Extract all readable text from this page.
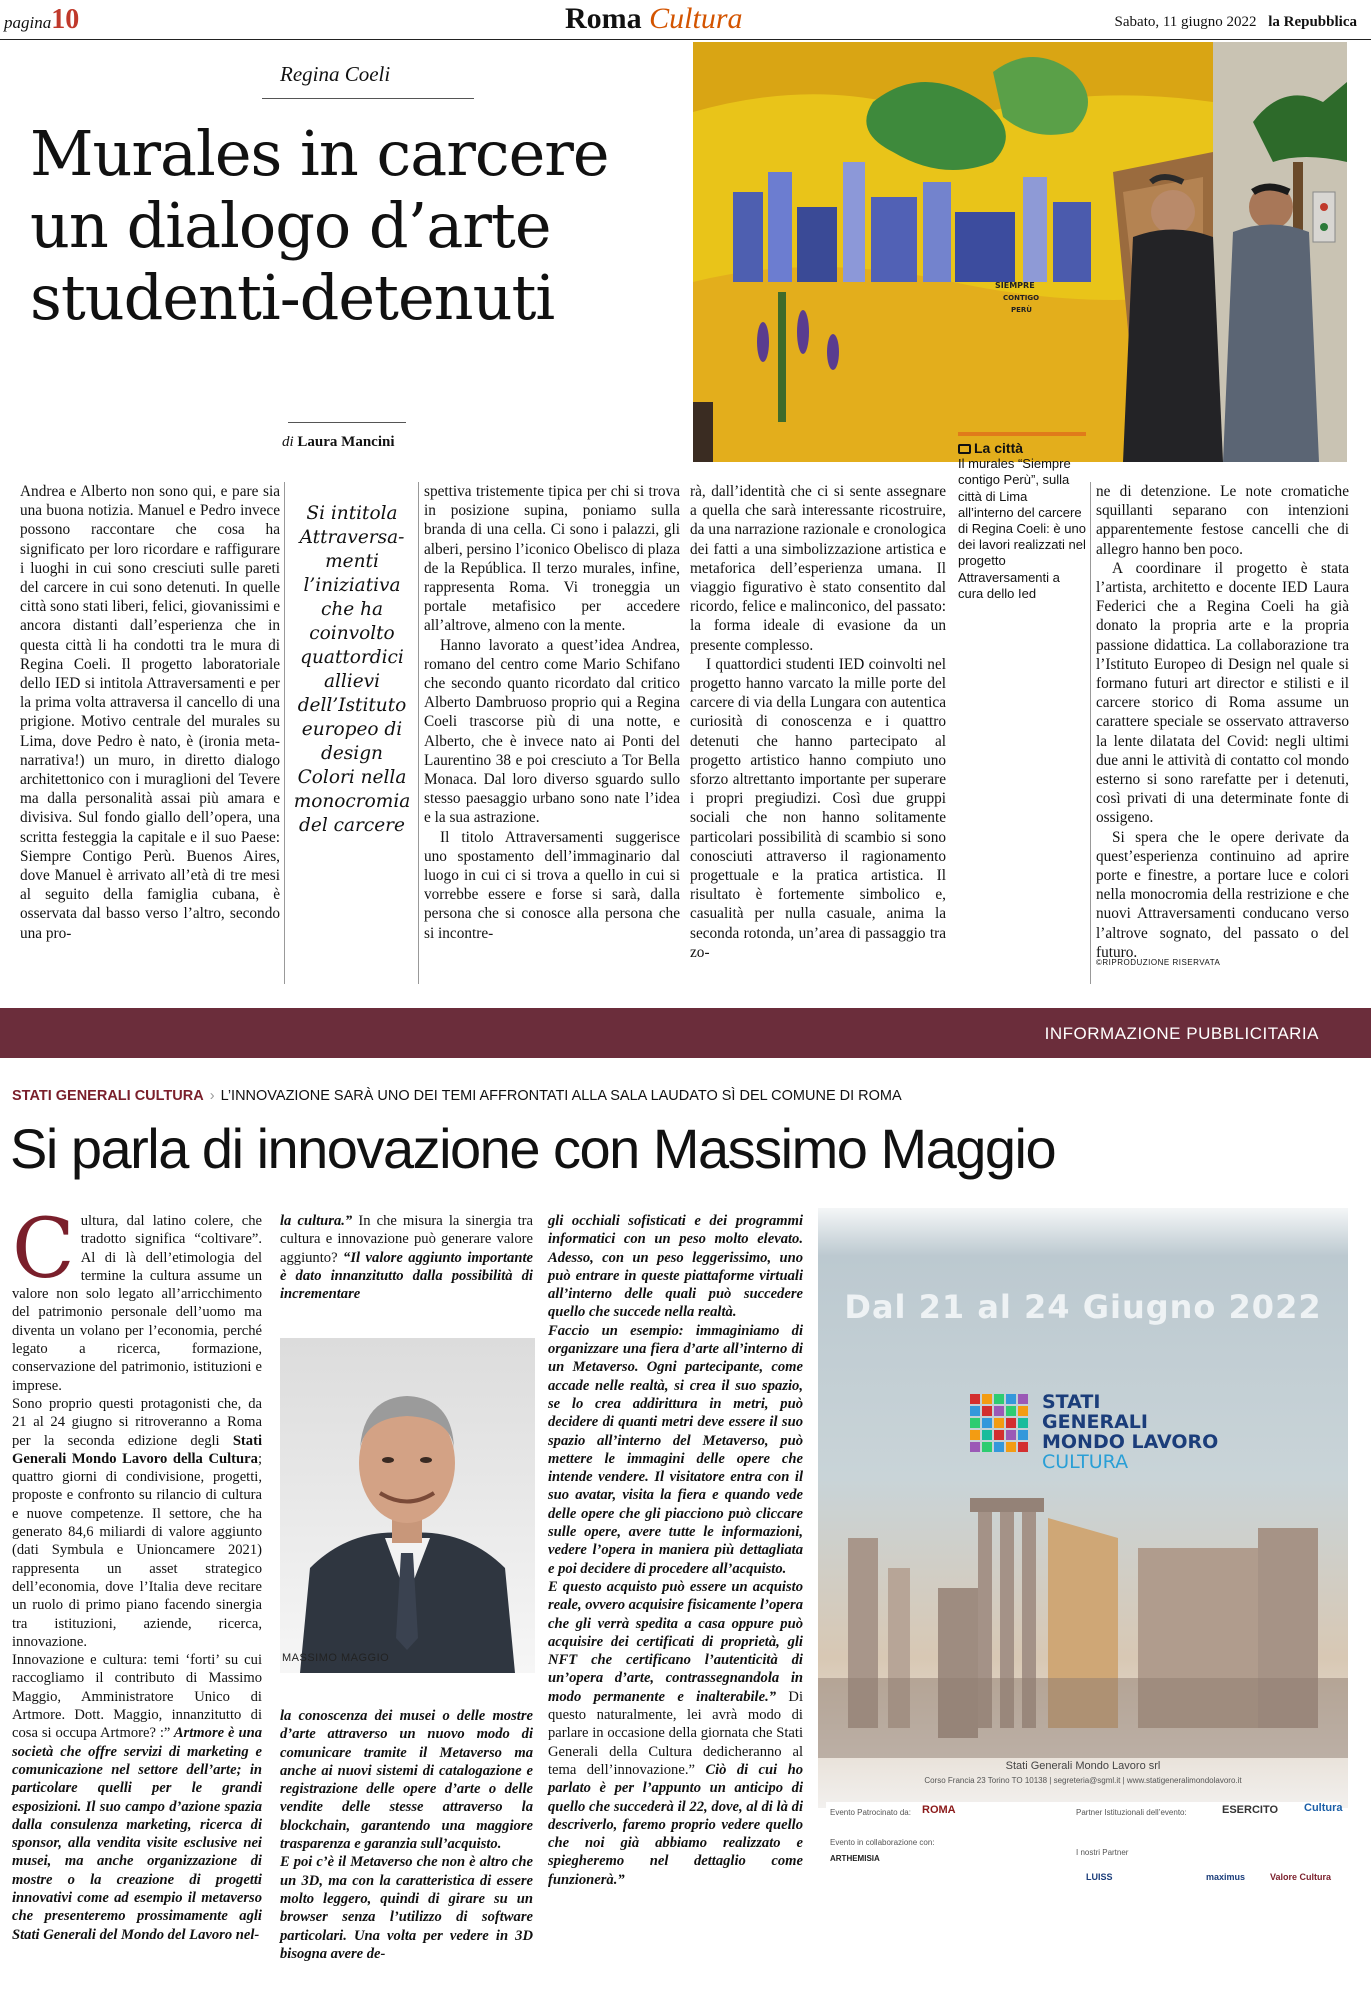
pagina10	Roma Cultura	Sabato, 11 giugno 2022 la Repubblica
Regina Coeli
Murales in carcere
un dialogo d’arte
studenti-detenuti
di Laura Mancini
SIEMPRE
CONTIGO
PERÙ

Andrea e Alberto non sono qui, e pare sia una buona notizia. Manuel e Pedro invece possono raccontare che cosa ha significato per loro ricordare e raffigurare i luoghi in cui sono cresciuti sulle pareti del carcere in cui sono detenuti. In quelle città sono stati liberi, felici, giovanissimi e ancora distanti dall’esperienza che in questa città li ha condotti tra le mura di Regina Coeli. Il progetto laboratoriale dello IED si intitola Attraversamenti e per la prima volta attraversa il cancello di una prigione. Motivo centrale del murales su Lima, dove Pedro è nato, è (ironia meta-narrativa!) un muro, in diretto dialogo architettonico con i muraglioni del Tevere ma dalla personalità assai più amara e divisiva. Sul fondo giallo dell’opera, una scritta festeggia la capitale e il suo Paese: Siempre Contigo Perù. Buenos Aires, dove Manuel è arrivato all’età di tre mesi al seguito della famiglia cubana, è osservata dal basso verso l’altro, secondo una pro-

Si intitola Attraversa-menti l’iniziativa che ha coinvolto quattordici allievi dell’Istituto europeo di design Colori nella monocromia del carcere

spettiva tristemente tipica per chi si trova in posizione supina, poniamo sulla branda di una cella. Ci sono i palazzi, gli alberi, persino l’iconico Obelisco di plaza de la República. Il terzo murales, infine, rappresenta Roma. Vi troneggia un portale metafisico per accedere all’altrove, almeno con la mente.

Hanno lavorato a quest’idea Andrea, romano del centro come Mario Schifano che secondo quanto ricordato dal critico Alberto Dambruoso proprio qui a Regina Coeli trascorse più di una notte, e Alberto, che è invece nato ai Ponti del Laurentino 38 e poi cresciuto a Tor Bella Monaca. Dal loro diverso sguardo sullo stesso paesaggio urbano sono nate l’idea e la sua astrazione.

Il titolo Attraversamenti suggerisce uno spostamento dell’immaginario dal luogo in cui ci si trova a quello in cui si vorrebbe essere e forse si sarà, dalla persona che si conosce alla persona che si incontre-

rà, dall’identità che ci si sente assegnare a quella che sarà interessante ricostruire, da una narrazione razionale e cronologica dei fatti a una simbolizzazione artistica e metaforica dell’esperienza umana. Il viaggio figurativo è stato consentito dal ricordo, felice e malinconico, del passato: la forma ideale di evasione da un presente complesso.

I quattordici studenti IED coinvolti nel progetto hanno varcato la mille porte del carcere di via della Lungara con autentica curiosità di conoscenza e i quattro detenuti che hanno partecipato al progetto artistico hanno compiuto uno sforzo altrettanto importante per superare i propri pregiudizi. Così due gruppi sociali che non hanno solitamente particolari possibilità di scambio si sono conosciuti attraverso il ragionamento progettuale e la pratica artistica. Il risultato è fortemente simbolico e, casualità per nulla casuale, anima la seconda rotonda, un’area di passaggio tra zo-

La città
Il murales “Siempre contigo Perù”, sulla città di Lima all’interno del carcere di Regina Coeli: è uno dei lavori realizzati nel progetto Attraversamenti a cura dello Ied

ne di detenzione. Le note cromatiche squillanti separano con intenzioni apparentemente festose cancelli che di allegro hanno ben poco.

A coordinare il progetto è stata l’artista, architetto e docente IED Laura Federici che a Regina Coeli ha già donato la propria arte e la propria passione didattica. La collaborazione tra l’Istituto Europeo di Design nel quale si formano futuri art director e stilisti e il carcere storico di Roma assume un carattere speciale se osservato attraverso la lente dilatata del Covid: negli ultimi due anni le attività di contatto col mondo esterno si sono rarefatte per i detenuti, così privati di una determinate fonte di ossigeno.

Si spera che le opere derivate da quest’esperienza continuino ad aprire porte e finestre, a portare luce e colori nella monocromia della restrizione e che nuovi Attraversamenti conducano verso l’altrove sognato, del passato o del futuro.

©RIPRODUZIONE RISERVATA
INFORMAZIONE PUBBLICITARIA
STATI GENERALI CULTURA › L’INNOVAZIONE SARÀ UNO DEI TEMI AFFRONTATI ALLA SALA LAUDATO SÌ DEL COMUNE DI ROMA
Si parla di innovazione con Massimo Maggio

Cultura, dal latino colere, che tradotto significa “coltivare”. Al di là dell’etimologia del termine la cultura assume un valore non solo legato all’arricchimento del patrimonio personale dell’uomo ma diventa un volano per l’economia, perché legato a ricerca, formazione, conservazione del patrimonio, istituzioni e imprese.

Sono proprio questi protagonisti che, da 21 al 24 giugno si ritroveranno a Roma per la seconda edizione degli Stati Generali Mondo Lavoro della Cultura; quattro giorni di condivisione, progetti, proposte e confronto su rilancio di cultura e nuove competenze. Il settore, che ha generato 84,6 miliardi di valore aggiunto (dati Symbula e Unioncamere 2021) rappresenta un asset strategico dell’economia, dove l’Italia deve recitare un ruolo di primo piano facendo sinergia tra istituzioni, aziende, ricerca, innovazione.

Innovazione e cultura: temi ‘forti’ su cui raccogliamo il contributo di Massimo Maggio, Amministratore Unico di Artmore. Dott. Maggio, innanzitutto di cosa si occupa Artmore? :” Artmore è una società che offre servizi di marketing e comunicazione nel settore dell’arte; in particolare quelli per le grandi esposizioni. Il suo campo d’azione spazia dalla consulenza marketing, ricerca di sponsor, alla vendita visite esclusive nei musei, ma anche organizzazione di mostre o la creazione di progetti innovativi come ad esempio il metaverso che presenteremo prossimamente agli Stati Generali del Mondo del Lavoro nel-

la cultura.” In che misura la sinergia tra cultura e innovazione può generare valore aggiunto? “Il valore aggiunto importante è dato innanzitutto dalla possibilità di incrementare

MASSIMO MAGGIO

la conoscenza dei musei o delle mostre d’arte attraverso un nuovo modo di comunicare tramite il Metaverso ma anche ai nuovi sistemi di catalogazione e registrazione delle opere d’arte o delle vendite delle stesse attraverso la blockchain, garantendo una maggiore trasparenza e garanzia sull’acquisto.
E poi c’è il Metaverso che non è altro che un 3D, ma con la caratteristica di essere molto leggero, quindi di girare su un browser senza l’utilizzo di software particolari. Una volta per vedere in 3D bisogna avere de-

gli occhiali sofisticati e dei programmi informatici con un peso molto elevato. Adesso, con un peso leggerissimo, uno può entrare in queste piattaforme virtuali all’interno delle quali può succedere quello che succede nella realtà.
Faccio un esempio: immaginiamo di organizzare una fiera d’arte all’interno di un Metaverso. Ogni partecipante, come accade nelle realtà, si crea il suo spazio, se lo crea addirittura in metri, può decidere di quanti metri deve essere il suo spazio all’interno del Metaverso, può mettere le immagini delle opere che intende vendere. Il visitatore entra con il suo avatar, visita la fiera e quando vede delle opere che gli piacciono può cliccare sulle opere, avere tutte le informazioni, vedere l’opera in maniera più dettagliata e poi decidere di procedere all’acquisto.
E questo acquisto può essere un acquisto reale, ovvero acquisire fisicamente l’opera che gli verrà spedita a casa oppure può acquisire dei certificati di proprietà, gli NFT che certificano l’autenticità di un’opera d’arte, contrassegnandola in modo permanente e inalterabile.” Di questo naturalmente, lei avrà modo di parlare in occasione della giornata che Stati Generali della Cultura dedicheranno al tema dell’innovazione.” Ciò di cui ho parlato è per l’appunto un anticipo di quello che succederà il 22, dove, al di là di descriverlo, faremo proprio vedere quello che noi già abbiamo realizzato e spiegheremo nel dettaglio come funzionerà.”

Dal 21 al 24 Giugno 2022
STATI
GENERALI
MONDO LAVORO
CULTURA
Stati Generali Mondo Lavoro srl
Corso Francia 23 Torino TO 10138 | segreteria@sgml.it | www.statigeneralimondolavoro.it
Evento Patrocinato da: ROMA	Partner Istituzionali dell’evento:	ESERCITO Cultura
Evento in collaborazione con:
ARTHEMISIA
I nostri Partner
LUISS	maximus	Valore Cultura
